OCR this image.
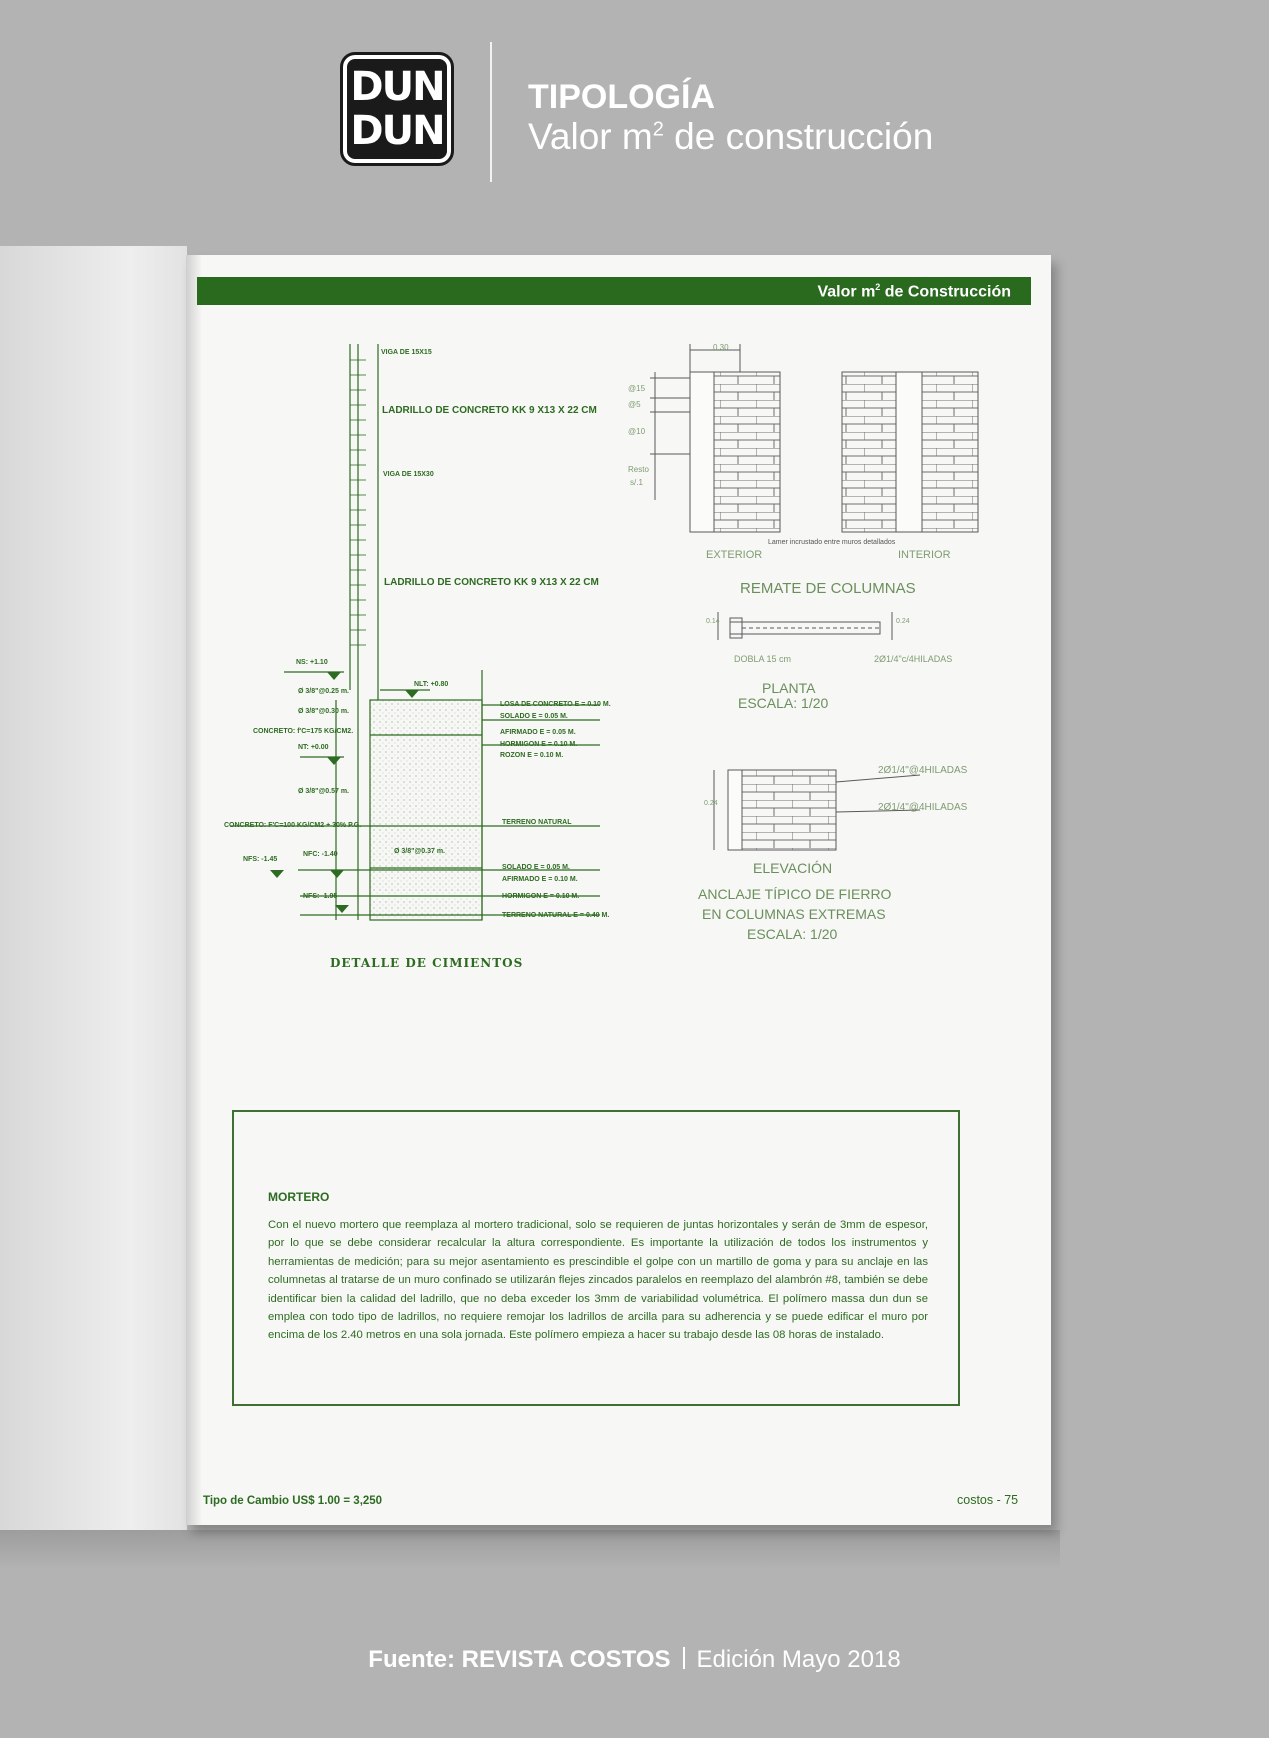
DUN
DUN
TIPOLOGÍA
Valor $m^2$ de construcción
Valor $m^2$ de Construcción
VIGA DE 15X15
LADRILLO DE CONCRETO KK 9 X13 X 22 CM
VIGA DE 15X30
LADRILLO DE CONCRETO KK 9 X13 X 22 CM
NS: +1.10
Ø 3/8"@0.25 m.
Ø 3/8"@0.30 m.
CONCRETO: f'C=175 KG/CM2.
NT: +0.00
Ø 3/8"@0.57 m.
CONCRETO: F'C=100 KG/CM2 + 30% P.G.
NFS: -1.45
NFC: -1.40
NFS: -1.95
NLT: +0.80
Ø 3/8"@0.37 m.
LOSA DE CONCRETO E = 0.10 M.
SOLADO E = 0.05 M.
AFIRMADO E = 0.05 M.
HORMIGON E = 0.10 M.
ROZON E = 0.10 M.
TERRENO NATURAL
SOLADO E = 0.05 M.
AFIRMADO E = 0.10 M.
HORMIGON E = 0.10 M.
TERRENO NATURAL E = 0.40 M.
DETALLE DE CIMIENTOS
0.30
@15
@5
@10
Resto
s/.1
Lamer incrustado entre muros detallados
EXTERIOR	INTERIOR
REMATE DE COLUMNAS
0.14	0.24
DOBLA 15 cm	2Ø1/4"c/4HILADAS
PLANTA
ESCALA: 1/20
2Ø1/4"@4HILADAS
2Ø1/4"@4HILADAS
0.24
ELEVACIÓN
ANCLAJE TÍPICO DE FIERRO
EN COLUMNAS EXTREMAS
ESCALA: 1/20
MORTERO
Con el nuevo mortero que reemplaza al mortero tradicional, solo se requieren de juntas horizontales y serán de 3mm de espesor, por lo que se debe considerar recalcular la altura correspondiente. Es importante la utilización de todos los instrumentos y herramientas de medición; para su mejor asentamiento es prescindible el golpe con un martillo de goma y para su anclaje en las columnetas al tratarse de un muro confinado se utilizarán flejes zincados paralelos en reemplazo del alambrón #8, también se debe identificar bien la calidad del ladrillo, que no deba exceder los 3mm de variabilidad volumétrica. El polímero massa dun dun se emplea con todo tipo de ladrillos, no requiere remojar los ladrillos de arcilla para su adherencia y se puede edificar el muro por encima de los 2.40 metros en una sola jornada. Este polímero empieza a hacer su trabajo desde las 08 horas de instalado.
Tipo de Cambio US$ 1.00 = 3,250	costos - 75
Fuente: REVISTA COSTOS Edición Mayo 2018
